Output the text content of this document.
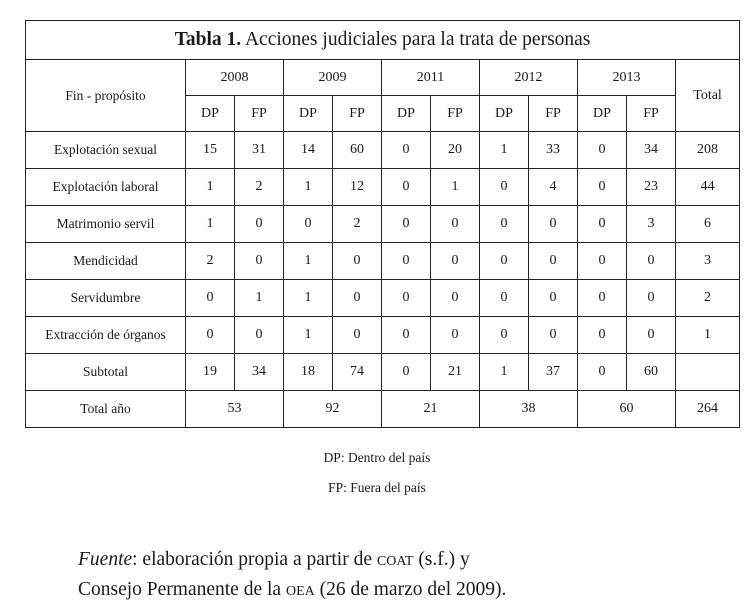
Tabla 1. Acciones judiciales para la trata de personas											
Fin - propósito	2008		2009		2011		2012		2013		Total
	DP	FP	DP	FP	DP	FP	DP	FP	DP	FP	
Explotación sexual	15	31	14	60	0	20	1	33	0	34	208
Explotación laboral	1	2	1	12	0	1	0	4	0	23	44
Matrimonio servil	1	0	0	2	0	0	0	0	0	3	6
Mendicidad	2	0	1	0	0	0	0	0	0	0	3
Servidumbre	0	1	1	0	0	0	0	0	0	0	2
Extracción de órganos	0	0	1	0	0	0	0	0	0	0	1
Subtotal	19	34	18	74	0	21	1	37	0	60	
Total año	53		92		21		38		60		264
DP: Dentro del país
FP: Fuera del país
Fuente: elaboración propia a partir de coat (s.f.) y
Consejo Permanente de la oea (26 de marzo del 2009).
